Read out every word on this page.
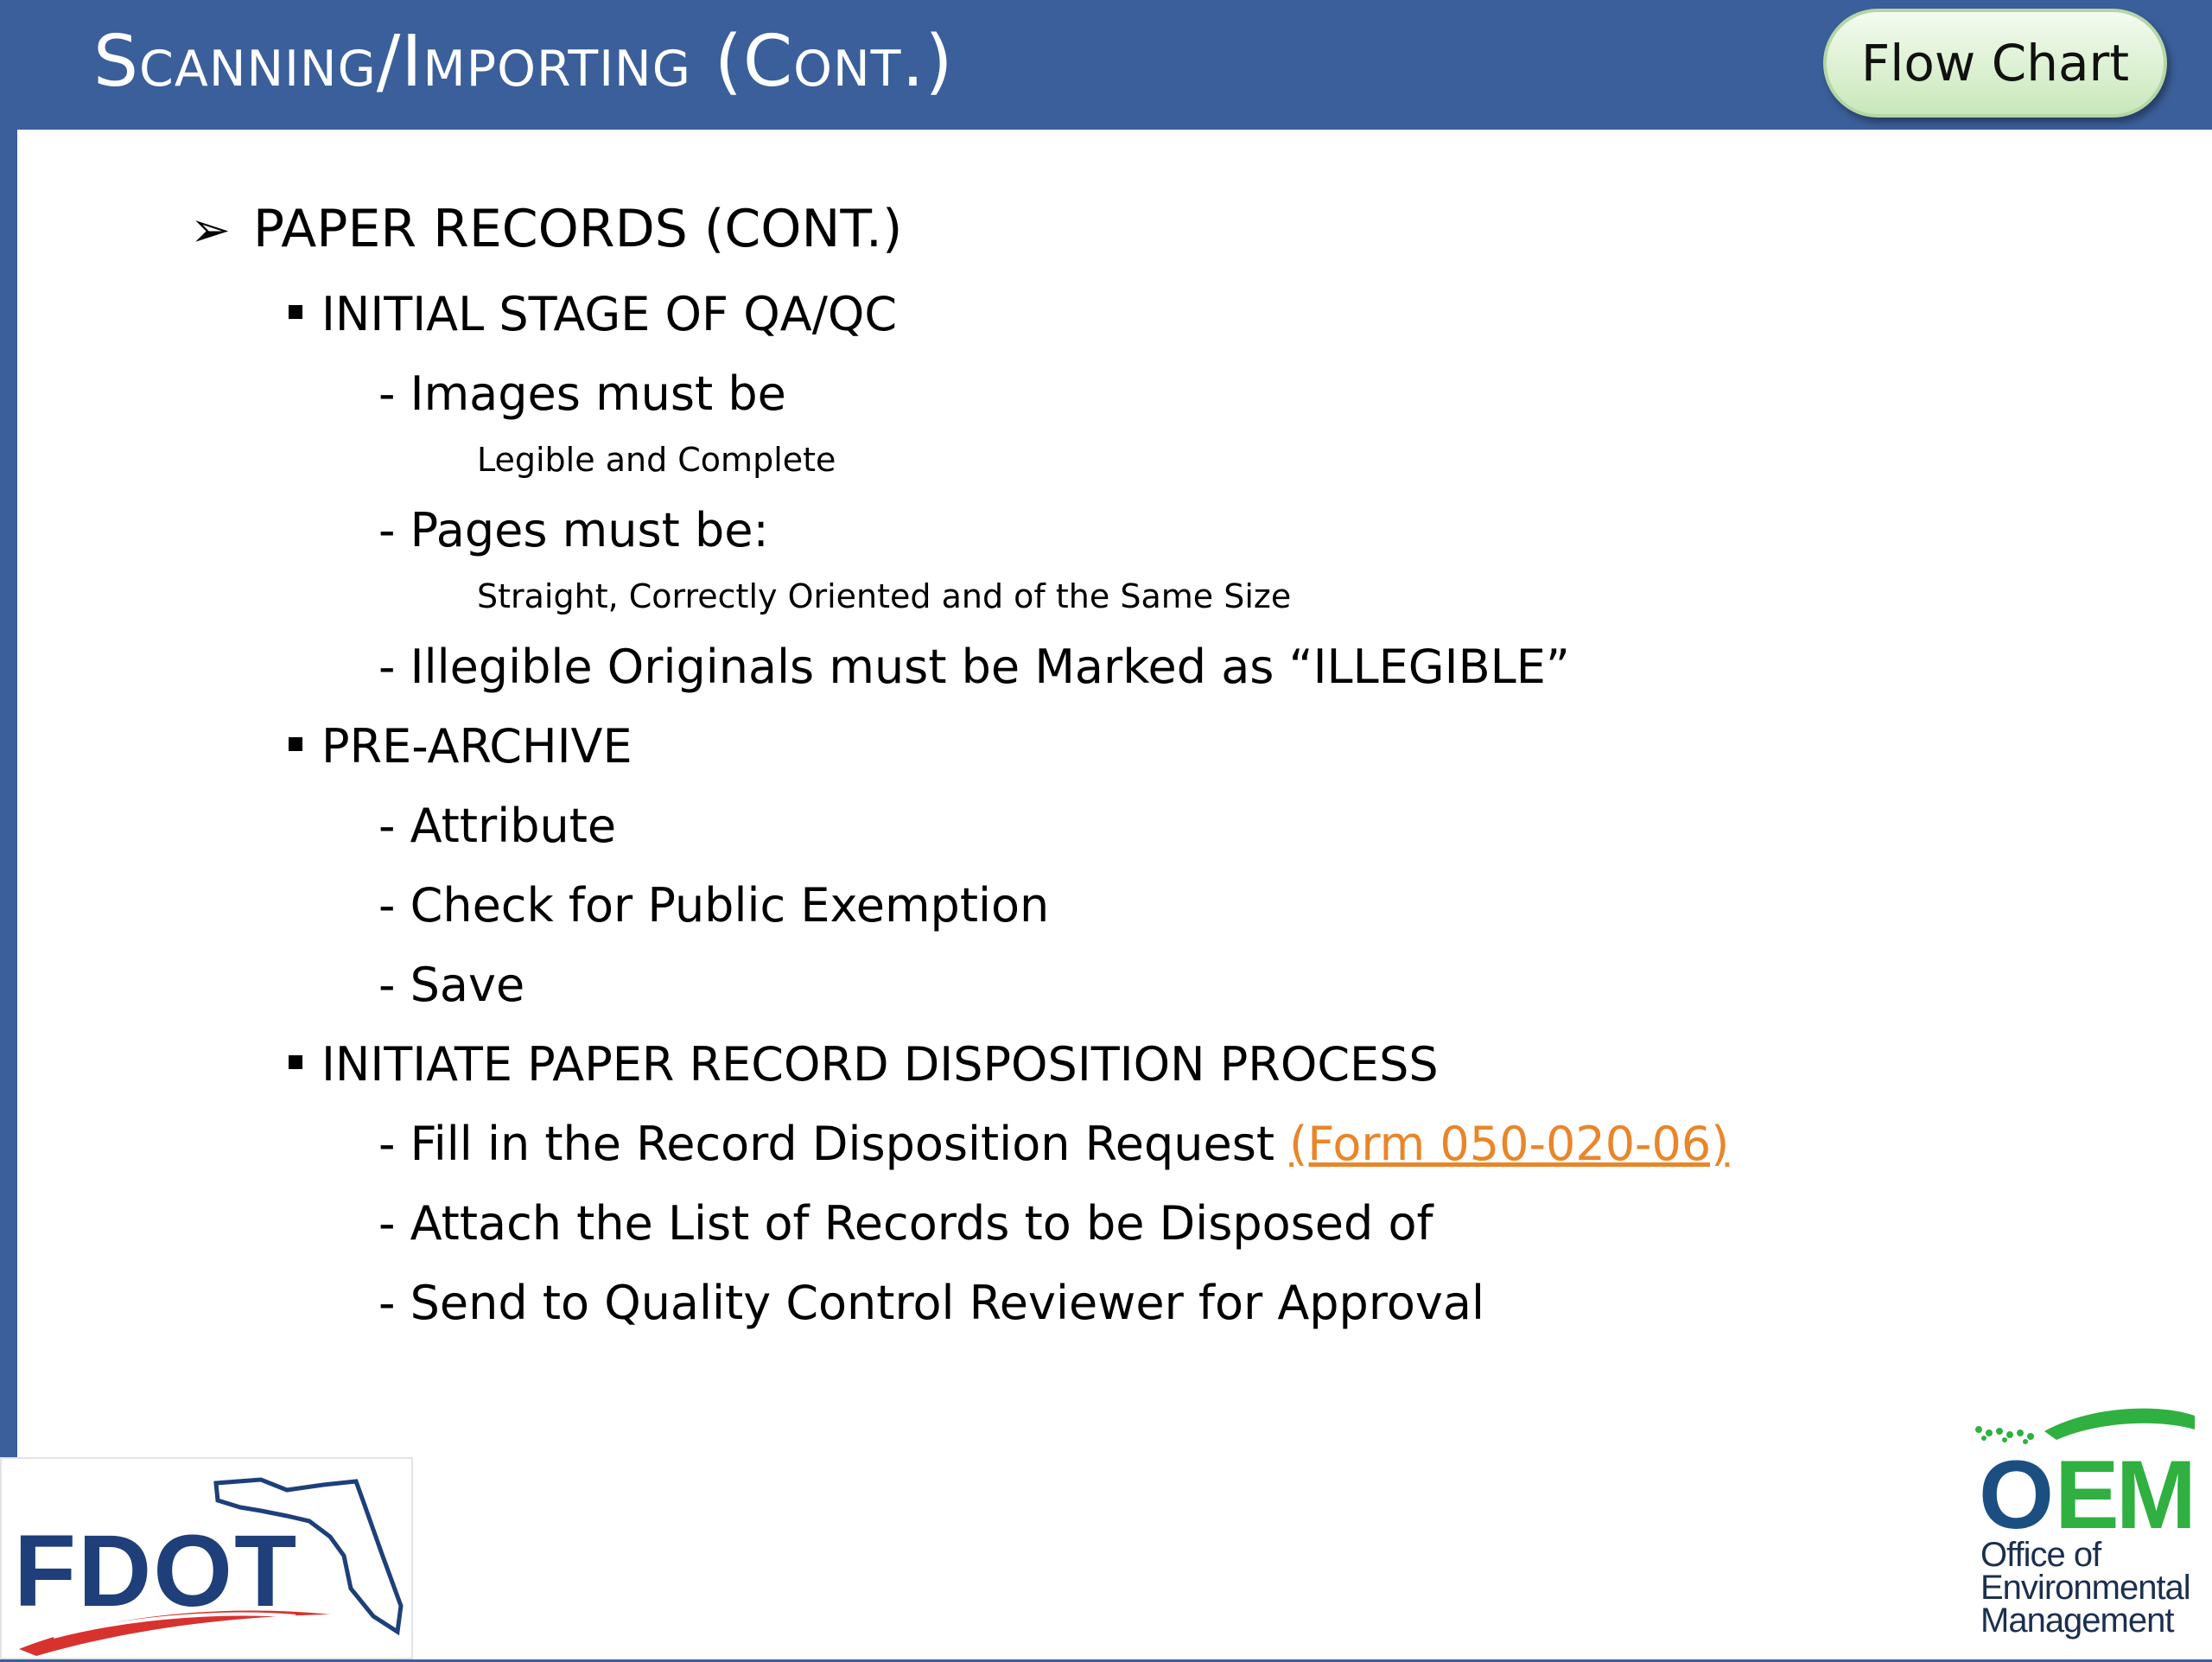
Scanning/Importing (Cont.)	Flow Chart
➢ PAPER RECORDS (CONT.)
INITIAL STAGE OF QA/QC
- Images must be
Legible and Complete
- Pages must be:
Straight, Correctly Oriented and of the Same Size
- Illegible Originals must be Marked as “ILLEGIBLE”
PRE-ARCHIVE
- Attribute
- Check for Public Exemption
- Save
INITIATE PAPER RECORD DISPOSITION PROCESS
- Fill in the Record Disposition Request (Form 050-020-06)
- Attach the List of Records to be Disposed of
- Send to Quality Control Reviewer for Approval
FDOT
O EM
Office of
Environmental
Management
